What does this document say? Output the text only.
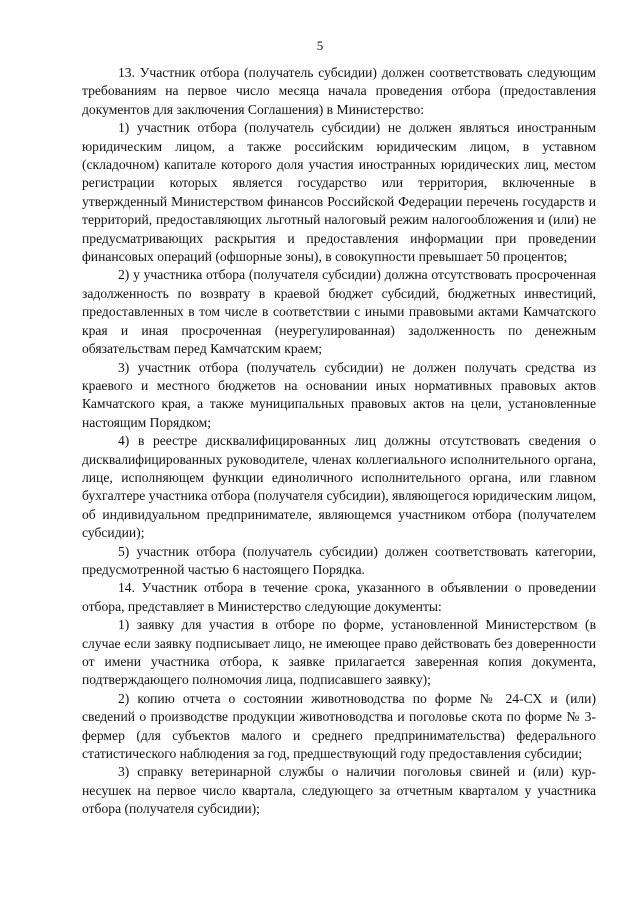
5

13. Участник отбора (получатель субсидии) должен соответствовать следующим требованиям на первое число месяца начала проведения отбора (предоставления документов для заключения Соглашения) в Министерство:

1) участник отбора (получатель субсидии) не должен являться иностранным юридическим лицом, а также российским юридическим лицом, в уставном (складочном) капитале которого доля участия иностранных юридических лиц, местом регистрации которых является государство или территория, включенные в утвержденный Министерством финансов Российской Федерации перечень государств и территорий, предоставляющих льготный налоговый режим налогообложения и (или) не предусматривающих раскрытия и предоставления информации при проведении финансовых операций (офшорные зоны), в совокупности превышает 50 процентов;

2) у участника отбора (получателя субсидии) должна отсутствовать просроченная задолженность по возврату в краевой бюджет субсидий, бюджетных инвестиций, предоставленных в том числе в соответствии с иными правовыми актами Камчатского края и иная просроченная (неурегулированная) задолженность по денежным обязательствам перед Камчатским краем;

3) участник отбора (получатель субсидии) не должен получать средства из краевого и местного бюджетов на основании иных нормативных правовых актов Камчатского края, а также муниципальных правовых актов на цели, установленные настоящим Порядком;

4) в реестре дисквалифицированных лиц должны отсутствовать сведения о дисквалифицированных руководителе, членах коллегиального исполнительного органа, лице, исполняющем функции единоличного исполнительного органа, или главном бухгалтере участника отбора (получателя субсидии), являющегося юридическим лицом, об индивидуальном предпринимателе, являющемся участником отбора (получателем субсидии);

5) участник отбора (получатель субсидии) должен соответствовать категории, предусмотренной частью 6 настоящего Порядка.

14. Участник отбора в течение срока, указанного в объявлении о проведении отбора, представляет в Министерство следующие документы:

1) заявку для участия в отборе по форме, установленной Министерством (в случае если заявку подписывает лицо, не имеющее право действовать без доверенности от имени участника отбора, к заявке прилагается заверенная копия документа, подтверждающего полномочия лица, подписавшего заявку);

2) копию отчета о состоянии животноводства по форме № 24-СХ и (или) сведений о производстве продукции животноводства и поголовье скота по форме № 3-фермер (для субъектов малого и среднего предпринимательства) федерального статистического наблюдения за год, предшествующий году предоставления субсидии;

3) справку ветеринарной службы о наличии поголовья свиней и (или) кур-несушек на первое число квартала, следующего за отчетным кварталом у участника отбора (получателя субсидии);
